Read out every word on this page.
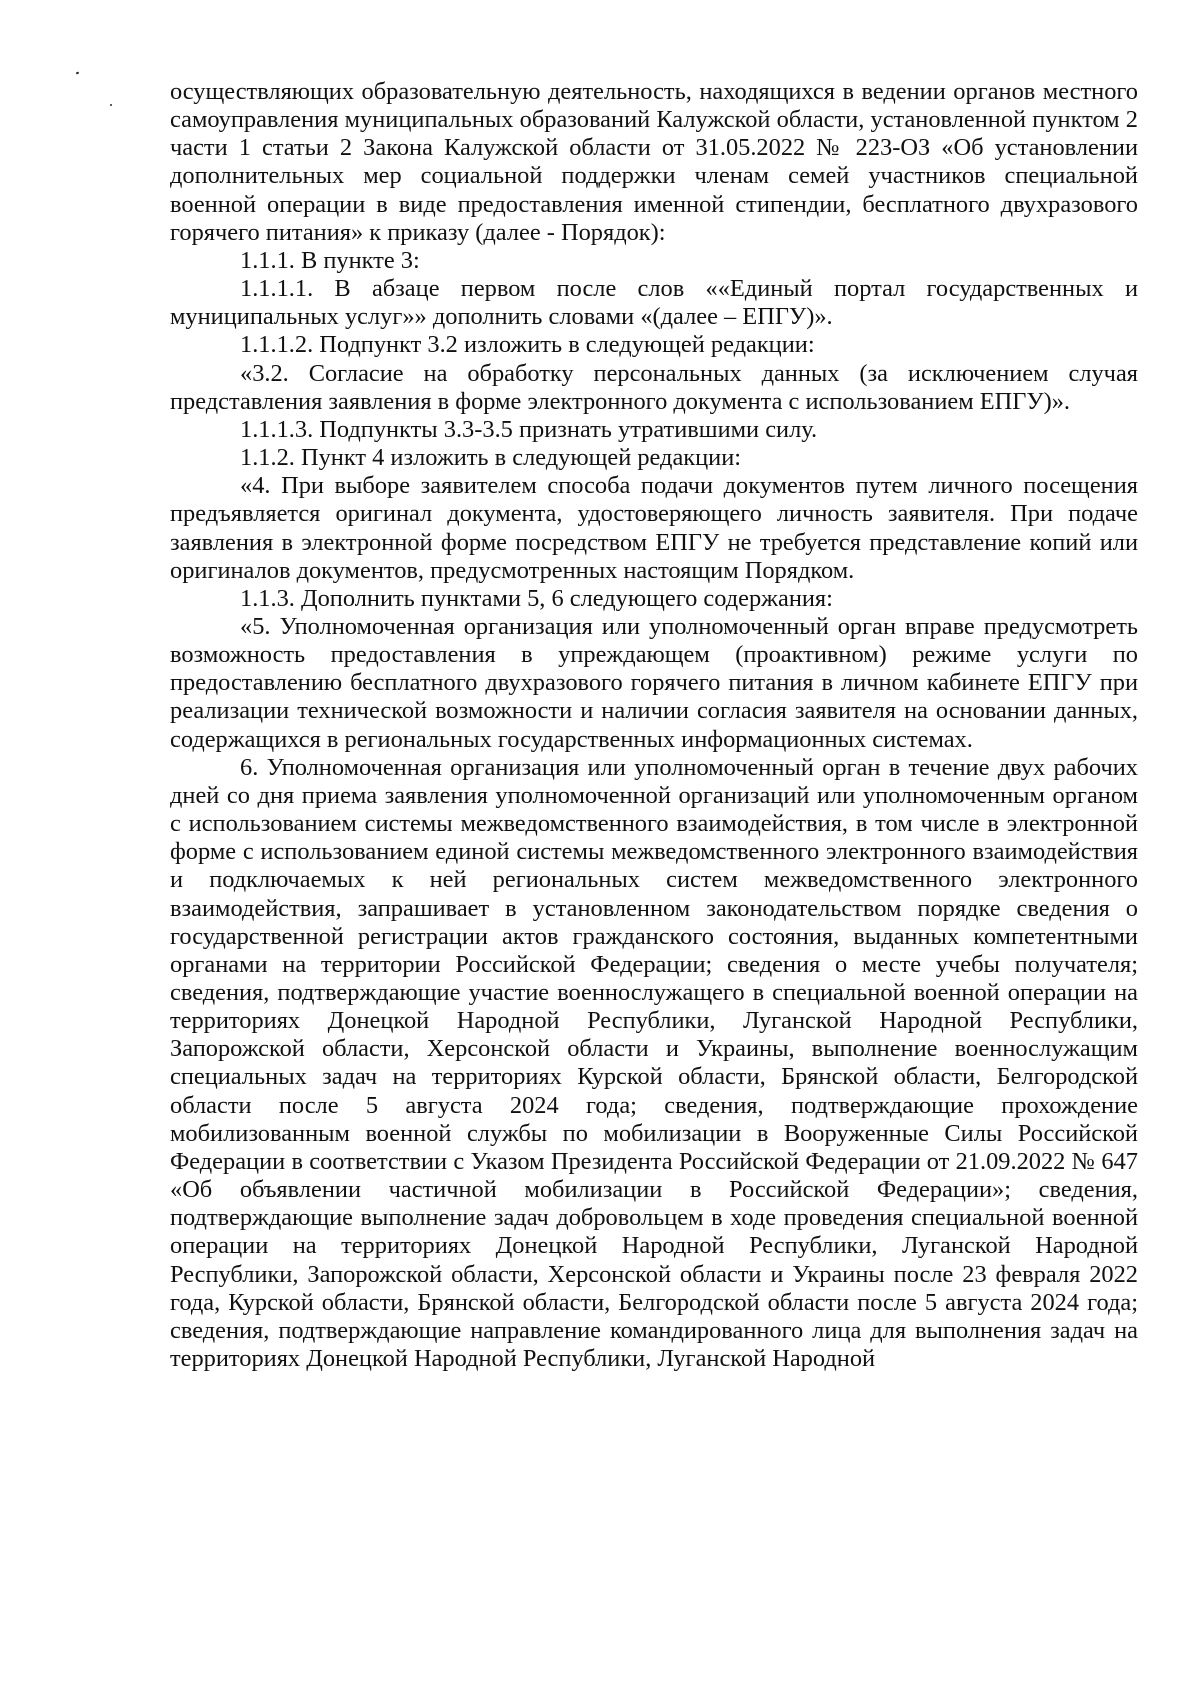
осуществляющих образовательную деятельность, находящихся в ведении органов местного самоуправления муниципальных образований Калужской области, установленной пунктом 2 части 1 статьи 2 Закона Калужской области от 31.05.2022 № 223-ОЗ «Об установлении дополнительных мер социальной поддержки членам семей участников специальной военной операции в виде предоставления именной стипендии, бесплатного двухразового горячего питания» к приказу (далее - Порядок):

1.1.1. В пункте 3:

1.1.1.1. В абзаце первом после слов ««Единый портал государственных и муниципальных услуг»» дополнить словами «(далее – ЕПГУ)».

1.1.1.2. Подпункт 3.2 изложить в следующей редакции:

«3.2. Согласие на обработку персональных данных (за исключением случая представления заявления в форме электронного документа с использованием ЕПГУ)».

1.1.1.3. Подпункты 3.3-3.5 признать утратившими силу.

1.1.2. Пункт 4 изложить в следующей редакции:

«4. При выборе заявителем способа подачи документов путем личного посещения предъявляется оригинал документа, удостоверяющего личность заявителя. При подаче заявления в электронной форме посредством ЕПГУ не требуется представление копий или оригиналов документов, предусмотренных настоящим Порядком.

1.1.3. Дополнить пунктами 5, 6 следующего содержания:

«5. Уполномоченная организация или уполномоченный орган вправе предусмотреть возможность предоставления в упреждающем (проактивном) режиме услуги по предоставлению бесплатного двухразового горячего питания в личном кабинете ЕПГУ при реализации технической возможности и наличии согласия заявителя на основании данных, содержащихся в региональных государственных информационных системах.

6. Уполномоченная организация или уполномоченный орган в течение двух рабочих дней со дня приема заявления уполномоченной организаций или уполномоченным органом с использованием системы межведомственного взаимодействия, в том числе в электронной форме с использованием единой системы межведомственного электронного взаимодействия и подключаемых к ней региональных систем межведомственного электронного взаимодействия, запрашивает в установленном законодательством порядке сведения о государственной регистрации актов гражданского состояния, выданных компетентными органами на территории Российской Федерации; сведения о месте учебы получателя; сведения, подтверждающие участие военнослужащего в специальной военной операции на территориях Донецкой Народной Республики, Луганской Народной Республики, Запорожской области, Херсонской области и Украины, выполнение военнослужащим специальных задач на территориях Курской области, Брянской области, Белгородской области после 5 августа 2024 года; сведения, подтверждающие прохождение мобилизованным военной службы по мобилизации в Вооруженные Силы Российской Федерации в соответствии с Указом Президента Российской Федерации от 21.09.2022 № 647 «Об объявлении частичной мобилизации в Российской Федерации»; сведения, подтверждающие выполнение задач добровольцем в ходе проведения специальной военной операции на территориях Донецкой Народной Республики, Луганской Народной Республики, Запорожской области, Херсонской области и Украины после 23 февраля 2022 года, Курской области, Брянской области, Белгородской области после 5 августа 2024 года; сведения, подтверждающие направление командированного лица для выполнения задач на территориях Донецкой Народной Республики, Луганской Народной
